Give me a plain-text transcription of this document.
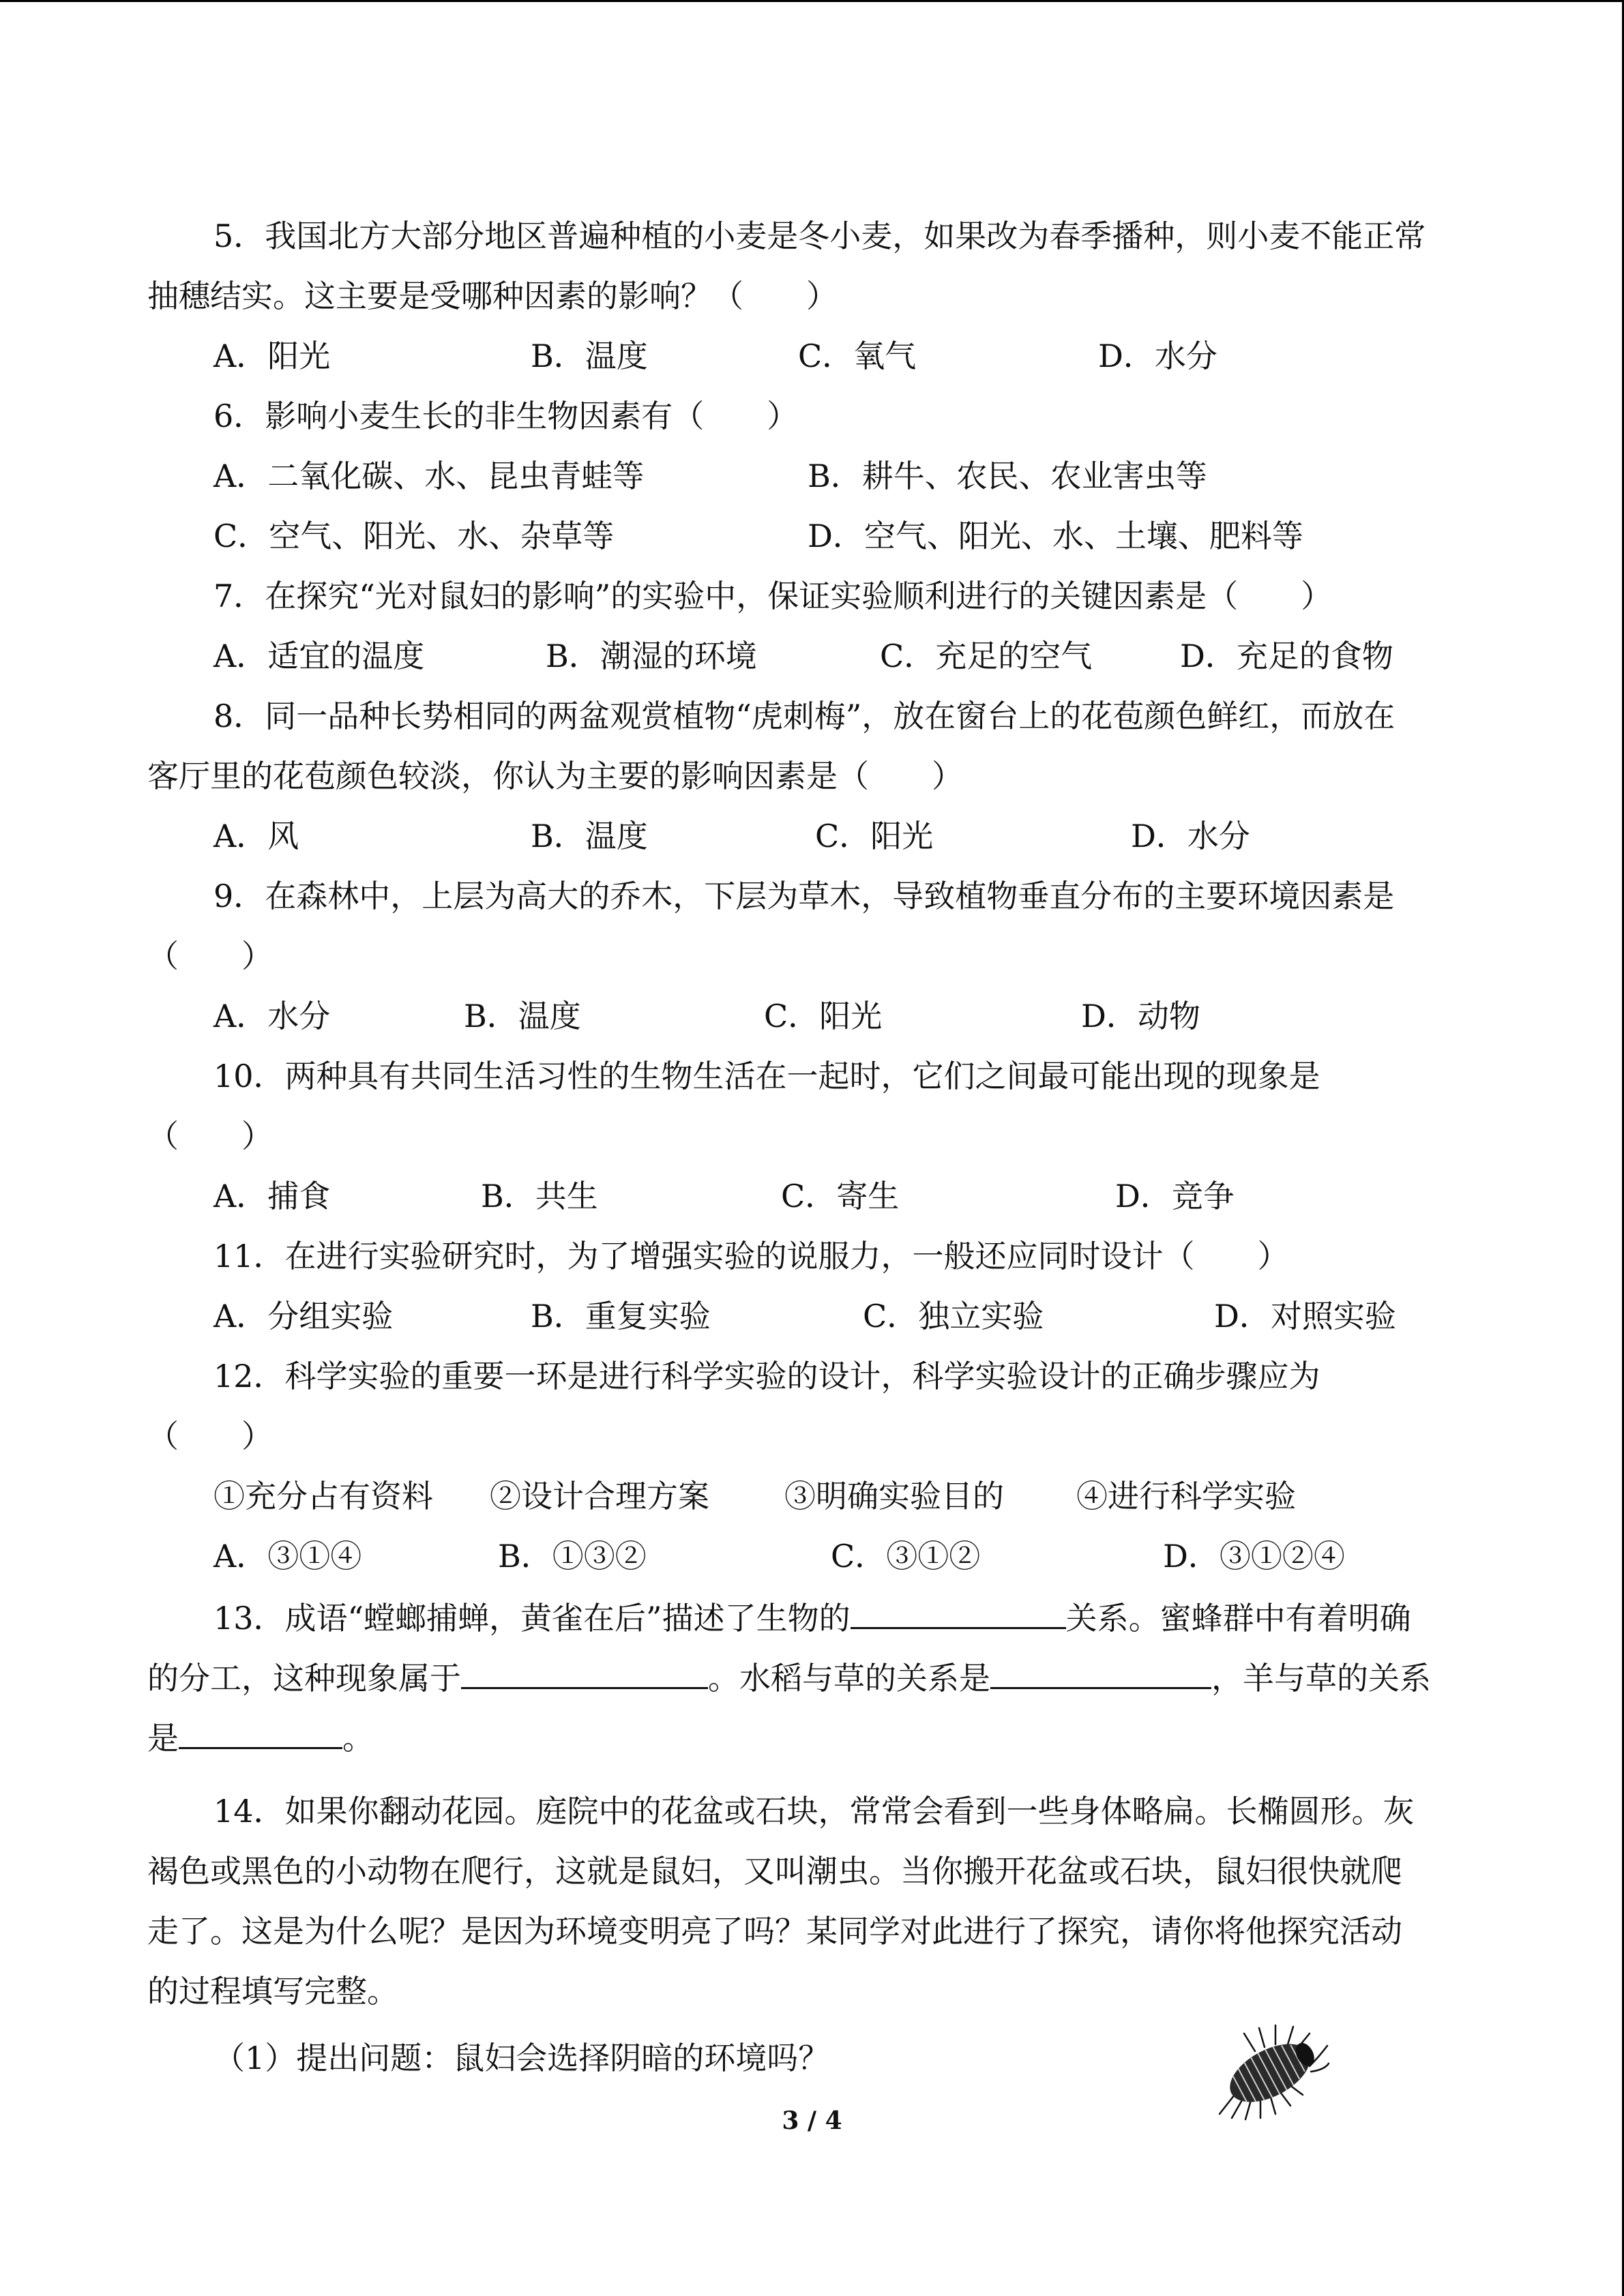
5．我国北方大部分地区普遍种植的小麦是冬小麦，如果改为春季播种，则小麦不能正常
抽穗结实。这主要是受哪种因素的影响？（　　）
A．阳光	B．温度	C．氧气	D．水分
6．影响小麦生长的非生物因素有（　　）
A．二氧化碳、水、昆虫青蛙等	B．耕牛、农民、农业害虫等
C．空气、阳光、水、杂草等	D．空气、阳光、水、土壤、肥料等
7．在探究“光对鼠妇的影响”的实验中，保证实验顺利进行的关键因素是（　　）
A．适宜的温度	B．潮湿的环境	C．充足的空气	D．充足的食物
8．同一品种长势相同的两盆观赏植物“虎刺梅”，放在窗台上的花苞颜色鲜红，而放在
客厅里的花苞颜色较淡，你认为主要的影响因素是（　　）
A．风	B．温度	C．阳光	D．水分
9．在森林中，上层为高大的乔木，下层为草木，导致植物垂直分布的主要环境因素是
（　　）
A．水分	B．温度	C．阳光	D．动物
10．两种具有共同生活习性的生物生活在一起时，它们之间最可能出现的现象是
（　　）
A．捕食	B．共生	C．寄生	D．竞争
11．在进行实验研究时，为了增强实验的说服力，一般还应同时设计（　　）
A．分组实验	B．重复实验	C．独立实验	D．对照实验
12．科学实验的重要一环是进行科学实验的设计，科学实验设计的正确步骤应为
（　　）
①充分占有资料 ②设计合理方案 ③明确实验目的 ④进行科学实验
A．③①④	B．①③②	C．③①②	D．③①②④
13．成语“螳螂捕蝉，黄雀在后”描述了生物的	关系。蜜蜂群中有着明确
的分工，这种现象属于	。水稻与草的关系是	，羊与草的关系
是	。
14．如果你翻动花园。庭院中的花盆或石块，常常会看到一些身体略扁。长椭圆形。灰
褐色或黑色的小动物在爬行，这就是鼠妇，又叫潮虫。当你搬开花盆或石块，鼠妇很快就爬
走了。这是为什么呢？是因为环境变明亮了吗？某同学对此进行了探究，请你将他探究活动
的过程填写完整。
（1）提出问题：鼠妇会选择阴暗的环境吗？
3 / 4
